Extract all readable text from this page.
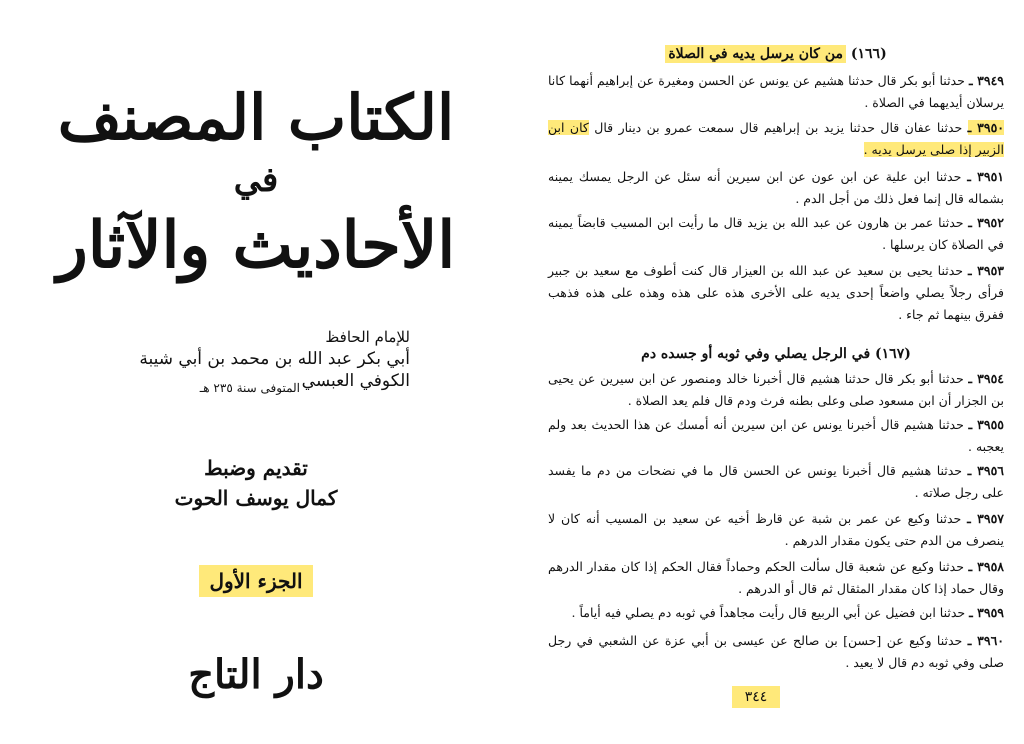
الكتاب المصنف
في
الأحاديث والآثار
للإمام الحافظ
أبي بكر عبد الله بن محمد بن أبي شيبة الكوفي العبسي
المتوفى سنة ٢٣٥ هـ
تقديم وضبط
كمال يوسف الحوت
الجزء الأول
دار التاج
(١٦٦) من كان يرسل يديه في الصلاة
٣٩٤٩ ـ حدثنا أبو بكر قال حدثنا هشيم عن يونس عن الحسن ومغيرة عن إبراهيم أنهما كانا يرسلان أيديهما في الصلاة .
٣٩٥٠ ـ حدثنا عفان قال حدثنا يزيد بن إبراهيم قال سمعت عمرو بن دينار قال كان ابن الزبير إذا صلى يرسل يديه .
٣٩٥١ ـ حدثنا ابن علية عن ابن عون عن ابن سيرين أنه سئل عن الرجل يمسك يمينه بشماله قال إنما فعل ذلك من أجل الدم .
٣٩٥٢ ـ حدثنا عمر بن هارون عن عبد الله بن يزيد قال ما رأيت ابن المسيب قابضاً يمينه في الصلاة كان يرسلها .
٣٩٥٣ ـ حدثنا يحيى بن سعيد عن عبد الله بن العيزار قال كنت أطوف مع سعيد بن جبير فرأى رجلاً يصلي واضعاً إحدى يديه على الأخرى هذه على هذه وهذه على هذه فذهب ففرق بينهما ثم جاء .
(١٦٧) في الرجل يصلي وفي ثوبه أو جسده دم
٣٩٥٤ ـ حدثنا أبو بكر قال حدثنا هشيم قال أخبرنا خالد ومنصور عن ابن سيرين عن يحيى بن الجزار أن ابن مسعود صلى وعلى بطنه فرث ودم قال فلم يعد الصلاة .
٣٩٥٥ ـ حدثنا هشيم قال أخبرنا يونس عن ابن سيرين أنه أمسك عن هذا الحديث بعد ولم يعجبه .
٣٩٥٦ ـ حدثنا هشيم قال أخبرنا يونس عن الحسن قال ما في نضحات من دم ما يفسد على رجل صلاته .
٣٩٥٧ ـ حدثنا وكيع عن عمر بن شبة عن قارظ أخيه عن سعيد بن المسيب أنه كان لا ينصرف من الدم حتى يكون مقدار الدرهم .
٣٩٥٨ ـ حدثنا وكيع عن شعبة قال سألت الحكم وحماداً فقال الحكم إذا كان مقدار الدرهم وقال حماد إذا كان مقدار المثقال ثم قال أو الدرهم .
٣٩٥٩ ـ حدثنا ابن فضيل عن أبي الربيع قال رأيت مجاهداً في ثوبه دم يصلي فيه أياماً .
٣٩٦٠ ـ حدثنا وكيع عن [حسن] بن صالح عن عيسى بن أبي عزة عن الشعبي في رجل صلى وفي ثوبه دم قال لا يعيد .
٣٤٤
